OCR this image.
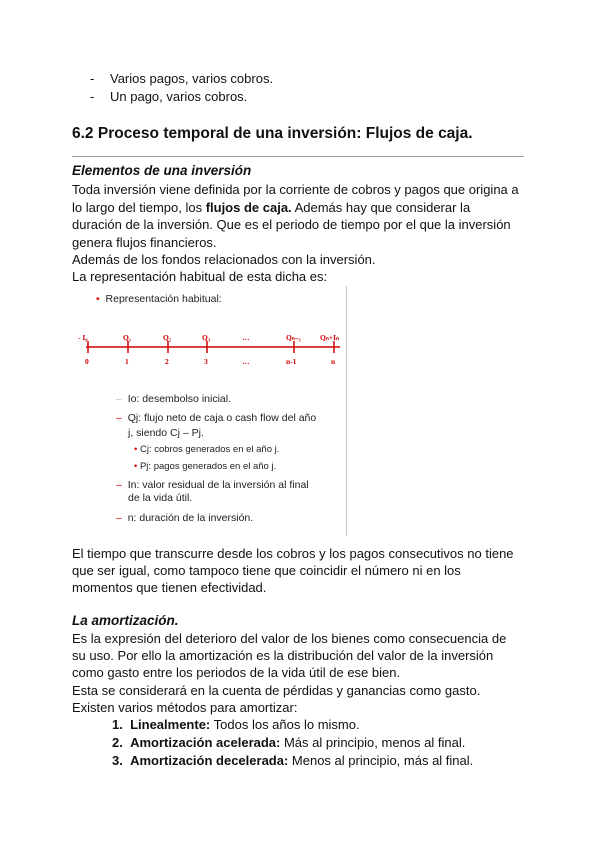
- Varios pagos, varios cobros.
- Un pago, varios cobros.
6.2 Proceso temporal de una inversión: Flujos de caja.
Elementos de una inversión
Toda inversión viene definida por la corriente de cobros y pagos que origina a
lo largo del tiempo, los flujos de caja. Además hay que considerar la
duración de la inversión. Que es el periodo de tiempo por el que la inversión
genera flujos financieros.
Además de los fondos relacionados con la inversión.
La representación habitual de esta dicha es:
• Representación habitual:
- I₀	Q₁	Q₂	Q₃	…	Qₙ₋₁	Qₙ+Iₙ
0	1	2	3	…	n-1	n
– Io: desembolso inicial.
– Qj: flujo neto de caja o cash flow del año
j, siendo Cj – Pj.
• Cj: cobros generados en el año j.
• Pj: pagos generados en el año j.
– In: valor residual de la inversión al final
de la vida útil.
– n: duración de la inversión.
El tiempo que transcurre desde los cobros y los pagos consecutivos no tiene
que ser igual, como tampoco tiene que coincidir el número ni en los
momentos que tienen efectividad.
La amortización.
Es la expresión del deterioro del valor de los bienes como consecuencia de
su uso. Por ello la amortización es la distribución del valor de la inversión
como gasto entre los periodos de la vida útil de ese bien.
Esta se considerará en la cuenta de pérdidas y ganancias como gasto.
Existen varios métodos para amortizar:
1. Linealmente: Todos los años lo mismo.
2. Amortización acelerada: Más al principio, menos al final.
3. Amortización decelerada: Menos al principio, más al final.
